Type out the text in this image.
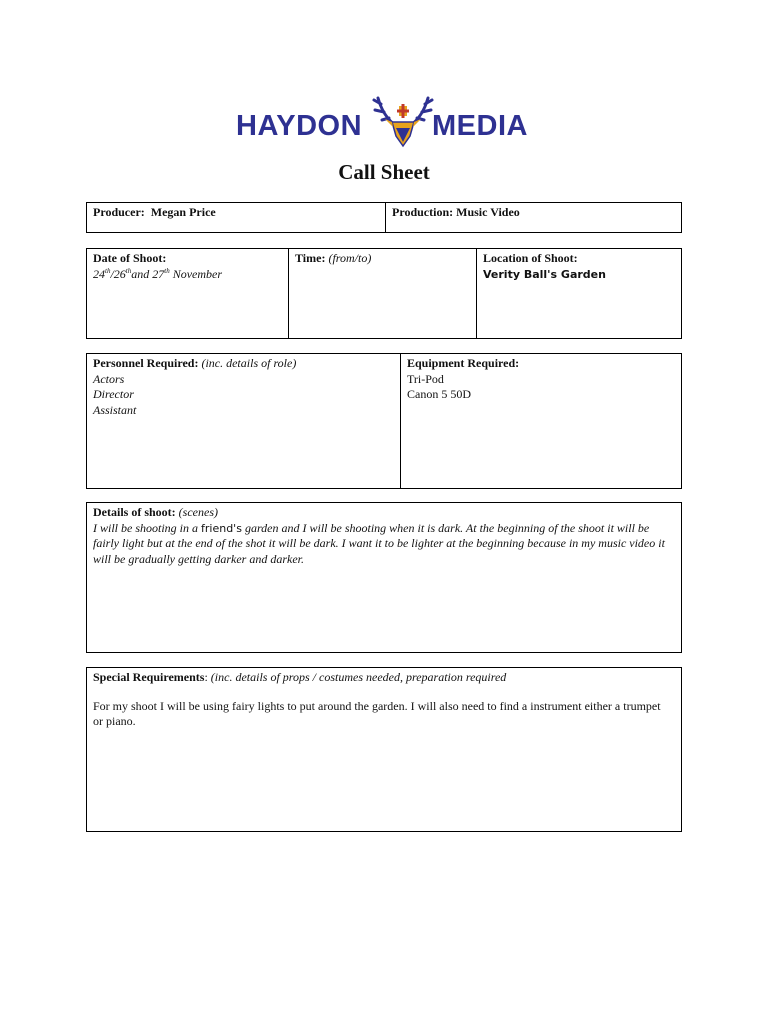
HAYDON MEDIA
Call Sheet
Producer: Megan Price	Production: Music Video
Date of Shoot:
24th/26thand 27th November
Time: (from/to)	Location of Shoot:
Verity Ball's Garden
Personnel Required: (inc. details of role)
Actors
Director
Assistant
Equipment Required:
Tri-Pod
Canon 5 50D
Details of shoot: (scenes)
I will be shooting in a friend's garden and I will be shooting when it is dark. At the beginning of the shoot it will be fairly light but at the end of the shot it will be dark. I want it to be lighter at the beginning because in my music video it will be gradually getting darker and darker.

Special Requirements: (inc. details of props / costumes needed, preparation required

For my shoot I will be using fairy lights to put around the garden. I will also need to find a instrument either a trumpet or piano.
